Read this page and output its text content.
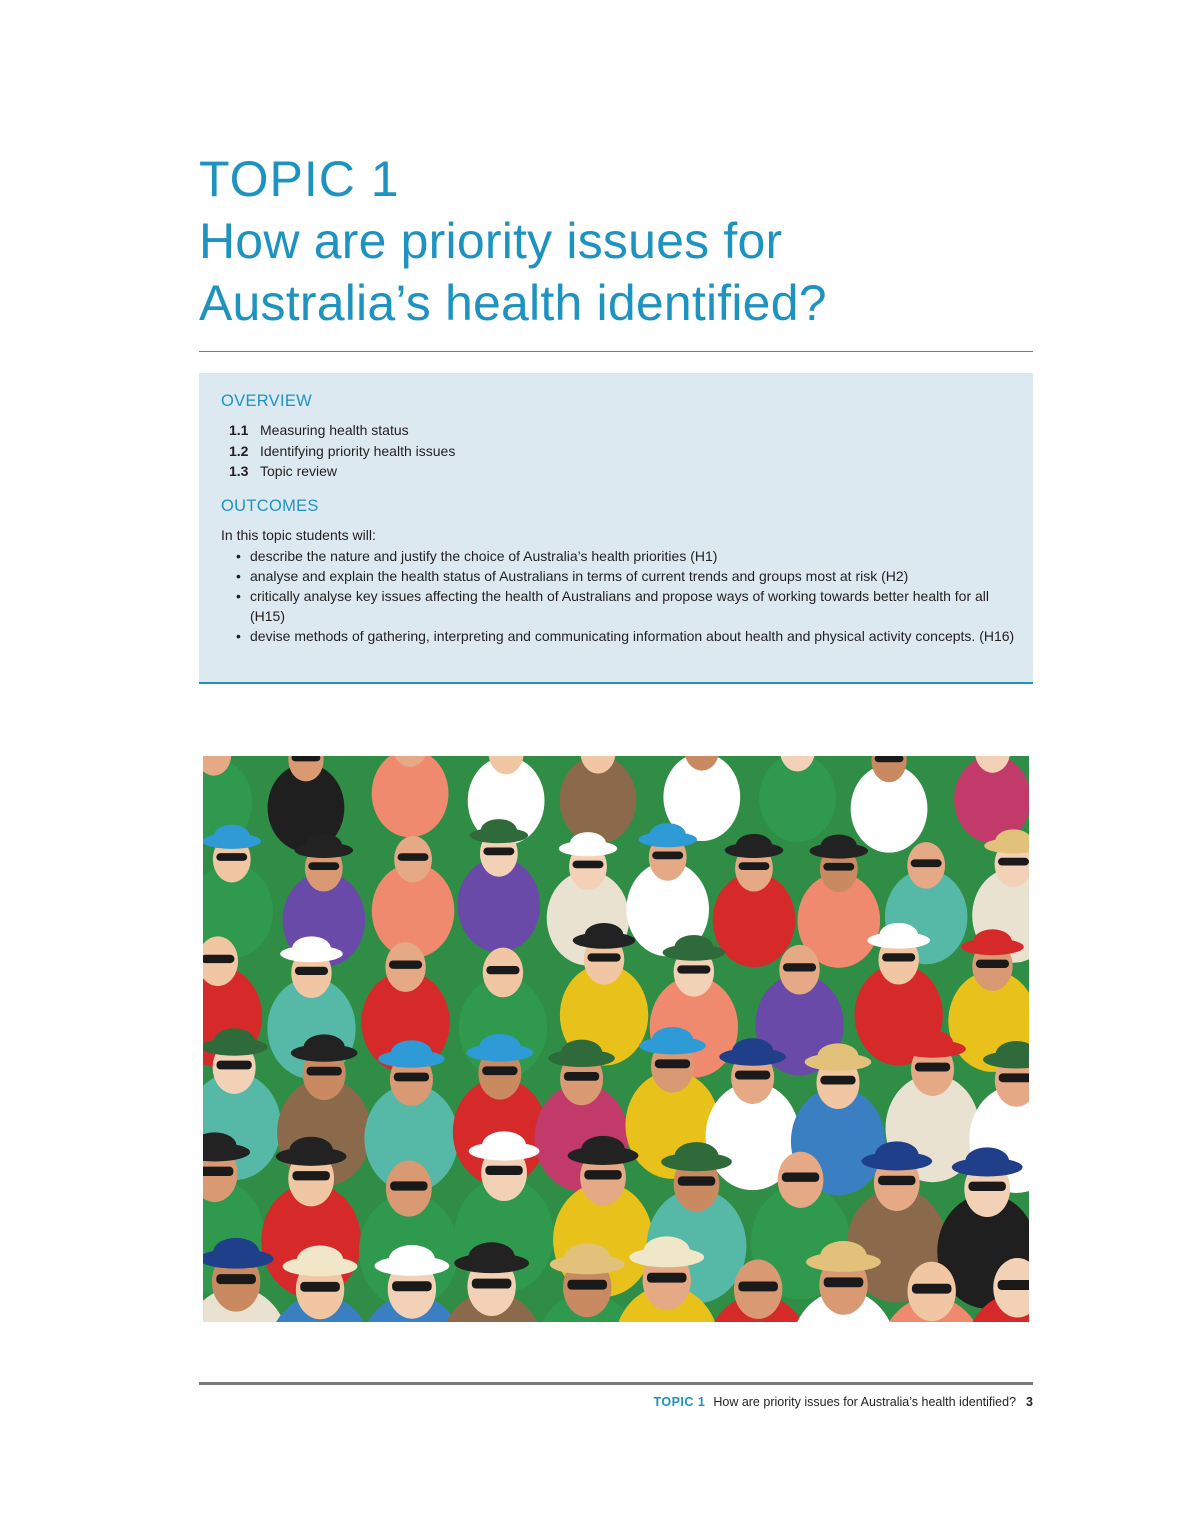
TOPIC 1
How are priority issues for
Australia’s health identified?
OVERVIEW
1.1 Measuring health status
1.2 Identifying priority health issues
1.3 Topic review
OUTCOMES

In this topic students will:

• describe the nature and justify the choice of Australia’s health priorities (H1)
• analyse and explain the health status of Australians in terms of current trends and groups most at risk (H2)
• critically analyse key issues affecting the health of Australians and propose ways of working towards better health for all (H15)
• devise methods of gathering, interpreting and communicating information about health and physical activity concepts. (H16)
TOPIC 1 How are priority issues for Australia’s health identified? 3
